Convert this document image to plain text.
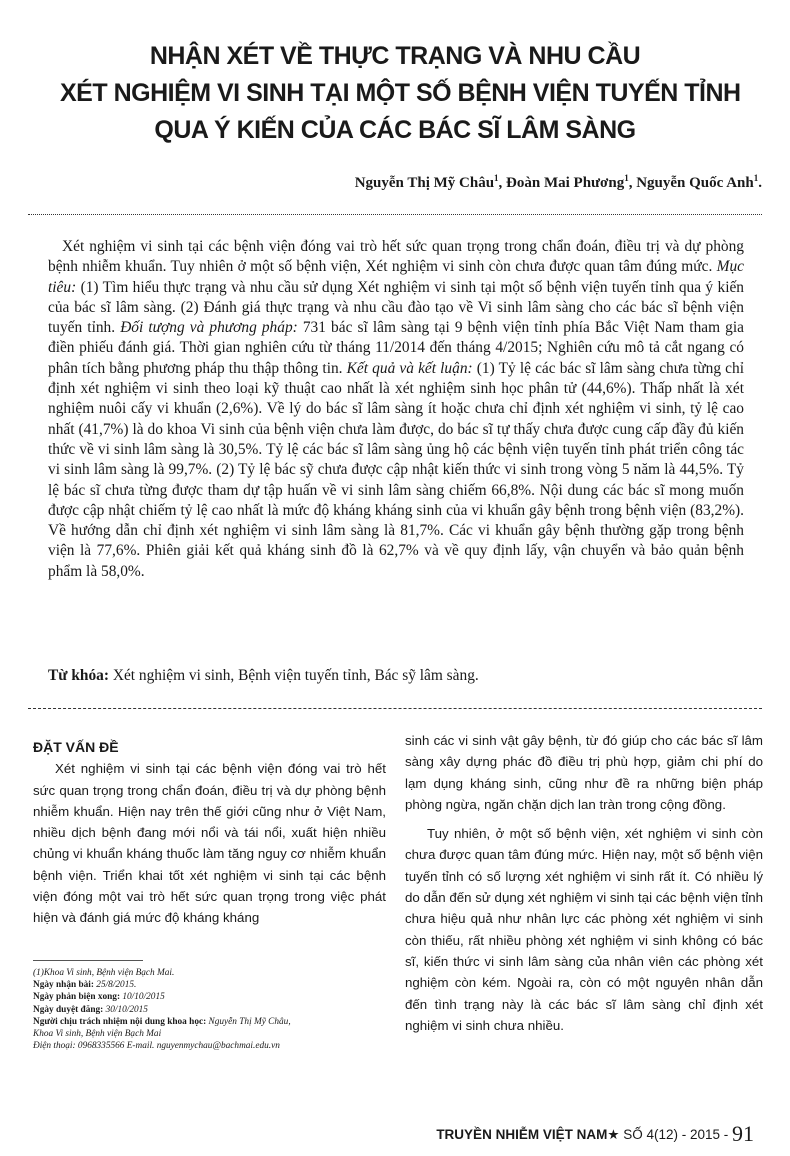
NHẬN XÉT VỀ THỰC TRẠNG VÀ NHU CẦU
XÉT NGHIỆM VI SINH TẠI MỘT SỐ BỆNH VIỆN TUYẾN TỈNH
QUA Ý KIẾN CỦA CÁC BÁC SĨ LÂM SÀNG
Nguyễn Thị Mỹ Châu$^1$, Đoàn Mai Phương$^1$, Nguyễn Quốc Anh$^1$.

Xét nghiệm vi sinh tại các bệnh viện đóng vai trò hết sức quan trọng trong chẩn đoán, điều trị và dự phòng bệnh nhiễm khuẩn. Tuy nhiên ở một số bệnh viện, Xét nghiệm vi sinh còn chưa được quan tâm đúng mức. Mục tiêu: (1) Tìm hiểu thực trạng và nhu cầu sử dụng Xét nghiệm vi sinh tại một số bệnh viện tuyến tỉnh qua ý kiến của bác sĩ lâm sàng. (2) Đánh giá thực trạng và nhu cầu đào tạo về Vi sinh lâm sàng cho các bác sĩ bệnh viện tuyến tỉnh. Đối tượng và phương pháp: 731 bác sĩ lâm sàng tại 9 bệnh viện tỉnh phía Bắc Việt Nam tham gia điền phiếu đánh giá. Thời gian nghiên cứu từ tháng 11/2014 đến tháng 4/2015; Nghiên cứu mô tả cắt ngang có phân tích bằng phương pháp thu thập thông tin. Kết quả và kết luận: (1) Tỷ lệ các bác sĩ lâm sàng chưa từng chỉ định xét nghiệm vi sinh theo loại kỹ thuật cao nhất là xét nghiệm sinh học phân tử (44,6%). Thấp nhất là xét nghiệm nuôi cấy vi khuẩn (2,6%). Về lý do bác sĩ lâm sàng ít hoặc chưa chỉ định xét nghiệm vi sinh, tỷ lệ cao nhất (41,7%) là do khoa Vi sinh của bệnh viện chưa làm được, do bác sĩ tự thấy chưa được cung cấp đầy đủ kiến thức về vi sinh lâm sàng là 30,5%. Tỷ lệ các bác sĩ lâm sàng ủng hộ các bệnh viện tuyến tỉnh phát triển công tác vi sinh lâm sàng là 99,7%. (2) Tỷ lệ bác sỹ chưa được cập nhật kiến thức vi sinh trong vòng 5 năm là 44,5%. Tỷ lệ bác sĩ chưa từng được tham dự tập huấn về vi sinh lâm sàng chiếm 66,8%. Nội dung các bác sĩ mong muốn được cập nhật chiếm tỷ lệ cao nhất là mức độ kháng kháng sinh của vi khuẩn gây bệnh trong bệnh viện (83,2%). Về hướng dẫn chỉ định xét nghiệm vi sinh lâm sàng là 81,7%. Các vi khuẩn gây bệnh thường gặp trong bệnh viện là 77,6%. Phiên giải kết quả kháng sinh đồ là 62,7% và về quy định lấy, vận chuyển và bảo quản bệnh phẩm là 58,0%.

Từ khóa: Xét nghiệm vi sinh, Bệnh viện tuyến tỉnh, Bác sỹ lâm sàng.

ĐẶT VẤN ĐỀ

Xét nghiệm vi sinh tại các bệnh viện đóng vai trò hết sức quan trọng trong chẩn đoán, điều trị và dự phòng bệnh nhiễm khuẩn. Hiện nay trên thế giới cũng như ở Việt Nam, nhiều dịch bệnh đang mới nổi và tái nổi, xuất hiện nhiều chủng vi khuẩn kháng thuốc làm tăng nguy cơ nhiễm khuẩn bệnh viện. Triển khai tốt xét nghiệm vi sinh tại các bệnh viện đóng một vai trò hết sức quan trọng trong việc phát hiện và đánh giá mức độ kháng kháng

sinh các vi sinh vật gây bệnh, từ đó giúp cho các bác sĩ lâm sàng xây dựng phác đồ điều trị phù hợp, giảm chi phí do lạm dụng kháng sinh, cũng như đề ra những biện pháp phòng ngừa, ngăn chặn dịch lan tràn trong cộng đồng.

Tuy nhiên, ở một số bệnh viện, xét nghiệm vi sinh còn chưa được quan tâm đúng mức. Hiện nay, một số bệnh viện tuyến tỉnh có số lượng xét nghiệm vi sinh rất ít. Có nhiều lý do dẫn đến sử dụng xét nghiệm vi sinh tại các bệnh viện tỉnh chưa hiệu quả như nhân lực các phòng xét nghiệm vi sinh còn thiếu, rất nhiều phòng xét nghiệm vi sinh không có bác sĩ, kiến thức vi sinh lâm sàng của nhân viên các phòng xét nghiệm còn kém. Ngoài ra, còn có một nguyên nhân dẫn đến tình trạng này là các bác sĩ lâm sàng chỉ định xét nghiệm vi sinh chưa nhiều.

(1)Khoa Vi sinh, Bệnh viện Bạch Mai.
Ngày nhận bài: 25/8/2015.
Ngày phản biện xong: 10/10/2015
Ngày duyệt đăng: 30/10/2015
Người chịu trách nhiệm nội dung khoa học: Nguyễn Thị Mỹ Châu,
Khoa Vi sinh, Bệnh viện Bạch Mai
Điện thoại: 0968335566 E-mail. nguyenmychau@bachmai.edu.vn
TRUYỀN NHIỄM VIỆT NAM★ SỐ 4(12) - 2015 - 91
